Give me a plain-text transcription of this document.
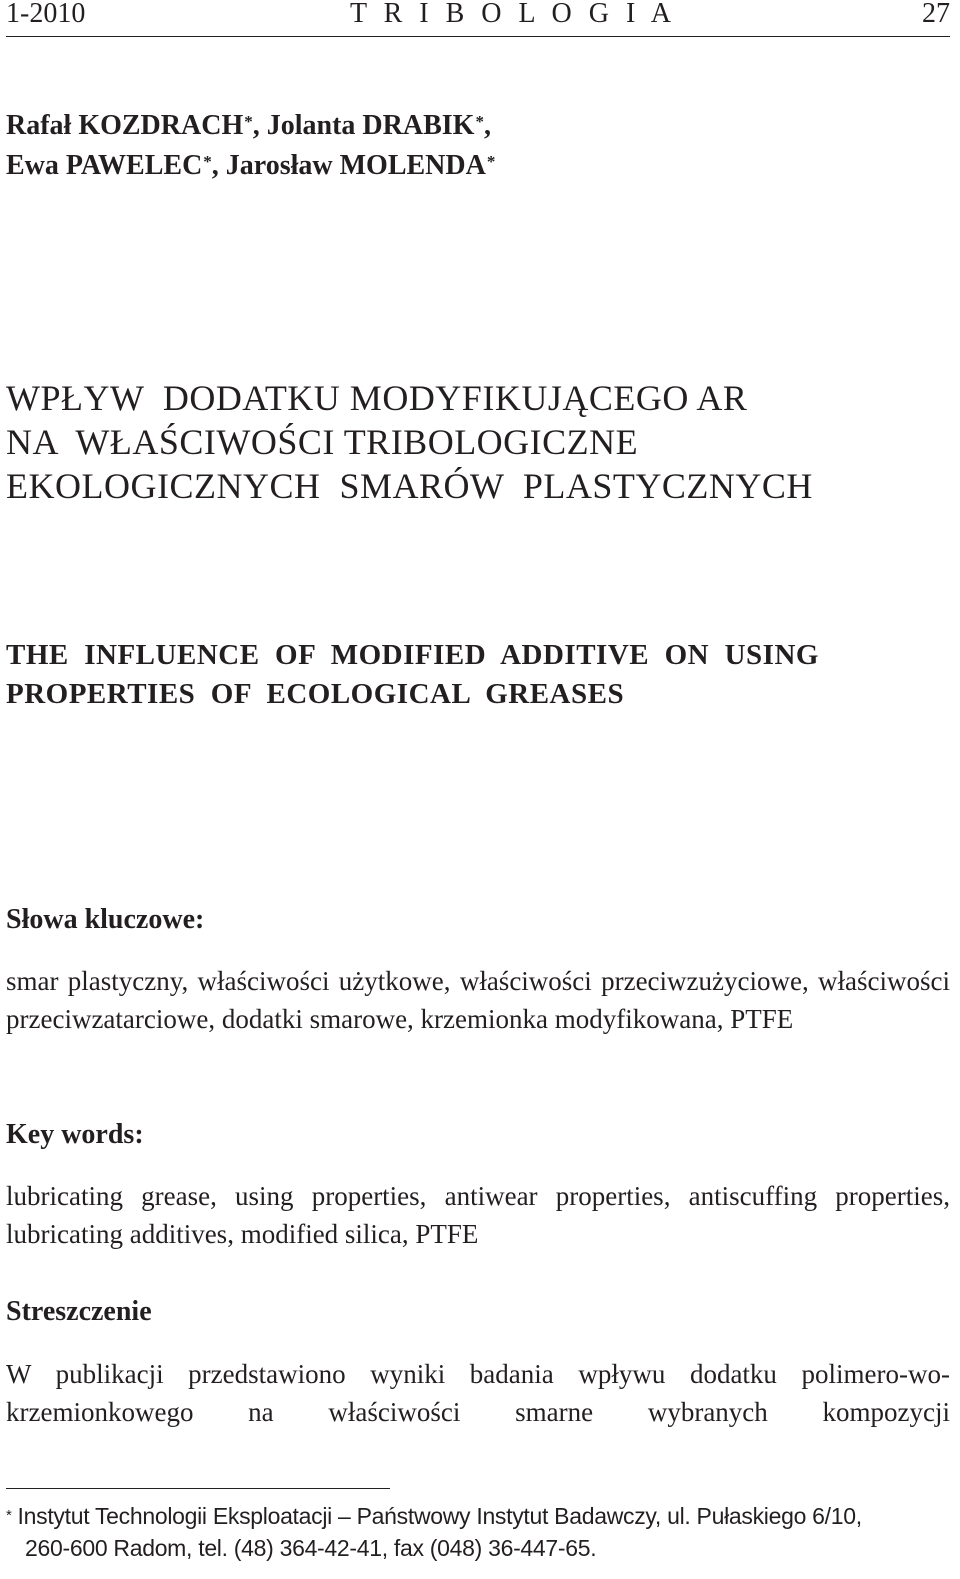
1-2010	T R I B O L O G I A	27
Rafał KOZDRACH*, Jolanta DRABIK*,
Ewa PAWELEC*, Jarosław MOLENDA*
WPŁYW  DODATKU MODYFIKUJĄCEGO AR
NA  WŁAŚCIWOŚCI TRIBOLOGICZNE
EKOLOGICZNYCH  SMARÓW  PLASTYCZNYCH
THE  INFLUENCE  OF  MODIFIED  ADDITIVE  ON  USING
PROPERTIES  OF  ECOLOGICAL  GREASES
Słowa kluczowe:

smar plastyczny, właściwości użytkowe, właściwości przeciwzużyciowe, właściwości przeciwzatarciowe, dodatki smarowe, krzemionka modyfikowana, PTFE

Key words:

lubricating grease, using properties, antiwear properties, antiscuffing properties, lubricating additives, modified silica, PTFE

Streszczenie

W publikacji przedstawiono wyniki badania wpływu dodatku polimero-wo-krzemionkowego na właściwości smarne wybranych kompozycji

* Instytut Technologii Eksploatacji – Państwowy Instytut Badawczy, ul. Pułaskiego 6/10,
260-600 Radom, tel. (48) 364-42-41, fax (048) 36-447-65.
